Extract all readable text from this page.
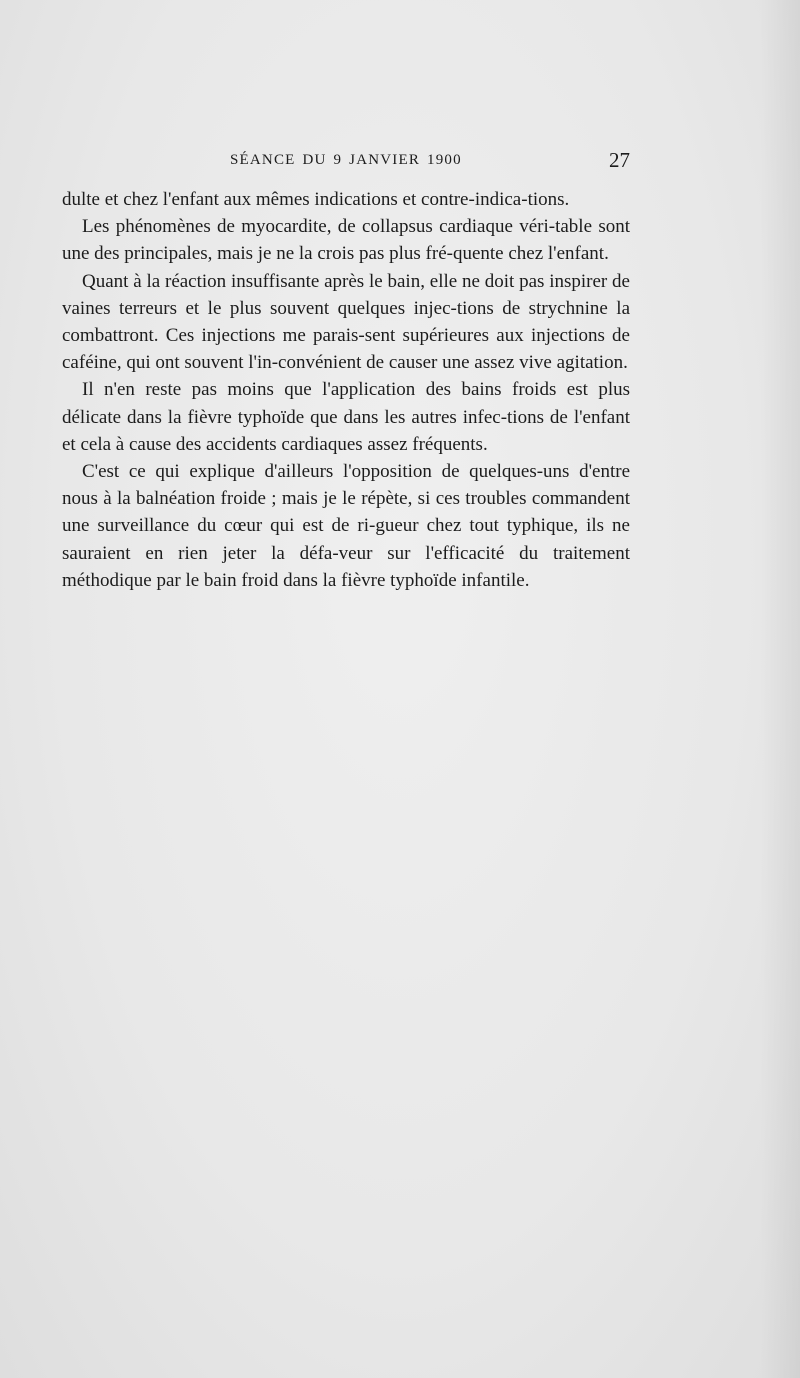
SÉANCE DU 9 JANVIER 1900	27

dulte et chez l'enfant aux mêmes indications et contre-indica-tions.

Les phénomènes de myocardite, de collapsus cardiaque véri-table sont une des principales, mais je ne la crois pas plus fré-quente chez l'enfant.

Quant à la réaction insuffisante après le bain, elle ne doit pas inspirer de vaines terreurs et le plus souvent quelques injec-tions de strychnine la combattront. Ces injections me parais-sent supérieures aux injections de caféine, qui ont souvent l'in-convénient de causer une assez vive agitation.

Il n'en reste pas moins que l'application des bains froids est plus délicate dans la fièvre typhoïde que dans les autres infec-tions de l'enfant et cela à cause des accidents cardiaques assez fréquents.

C'est ce qui explique d'ailleurs l'opposition de quelques-uns d'entre nous à la balnéation froide ; mais je le répète, si ces troubles commandent une surveillance du cœur qui est de ri-gueur chez tout typhique, ils ne sauraient en rien jeter la défa-veur sur l'efficacité du traitement méthodique par le bain froid dans la fièvre typhoïde infantile.
